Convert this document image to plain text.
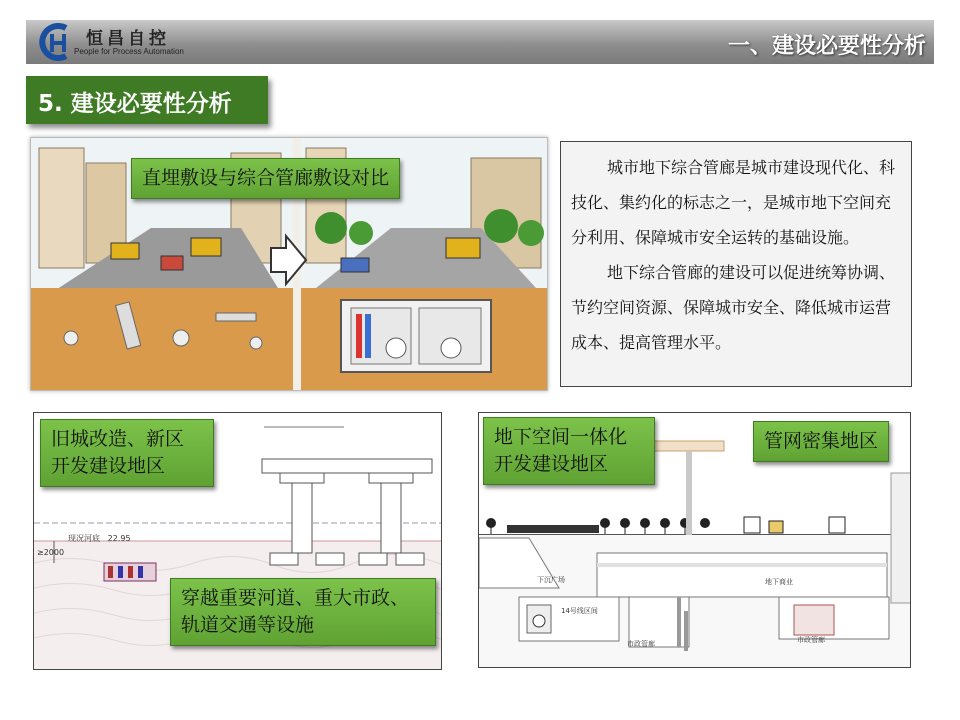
恒昌自控
People for Process Automation	一、建设必要性分析
5. 建设必要性分析
直埋敷设与综合管廊敷设对比	城市地下综合管廊是城市建设现代化、科技化、集约化的标志之一，是城市地下空间充分利用、保障城市安全运转的基础设施。

地下综合管廊的建设可以促进统筹协调、节约空间资源、保障城市安全、降低城市运营成本、提高管理水平。

现况河底 22.95
≥2000
旧城改造、新区
开发建设地区
穿越重要河道、重大市政、
轨道交通等设施
下沉广场	地下商业
14号线区间
市政管廊	市政管廊
地下空间一体化
开发建设地区
管网密集地区
